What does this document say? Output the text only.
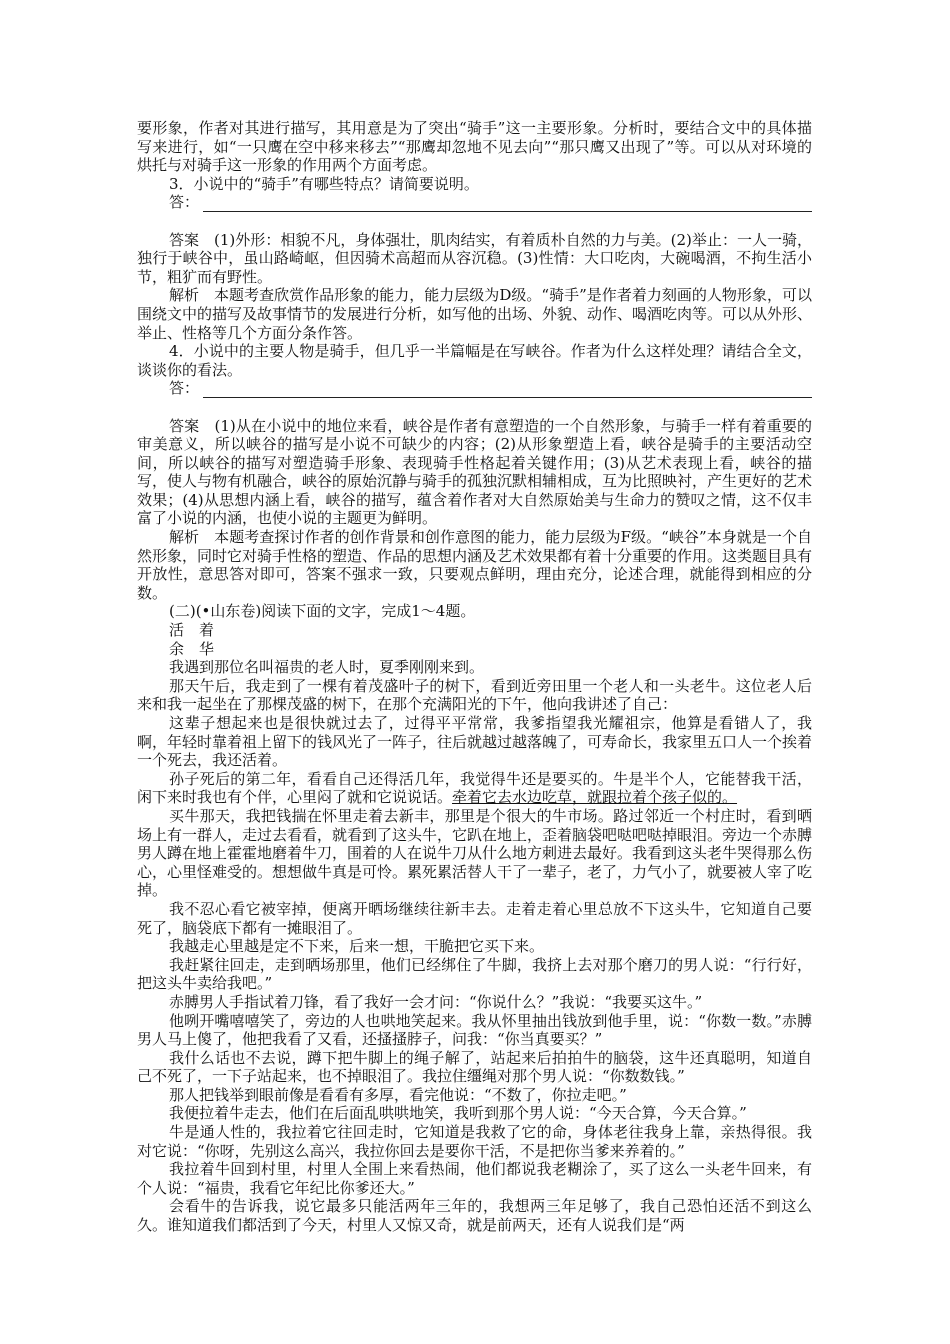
要形象，作者对其进行描写，其用意是为了突出“骑手”这一主要形象。分析时，要结合文中的具体描写来进行，如“一只鹰在空中移来移去”“那鹰却忽地不见去向”“那只鹰又出现了”等。可以从对环境的烘托与对骑手这一形象的作用两个方面考虑。

3．小说中的“骑手”有哪些特点？请简要说明。

答：

答案　(1)外形：相貌不凡，身体强壮，肌肉结实，有着质朴自然的力与美。(2)举止：一人一骑，独行于峡谷中，虽山路崎岖，但因骑术高超而从容沉稳。(3)性情：大口吃肉，大碗喝酒，不拘生活小节，粗犷而有野性。

解析　本题考查欣赏作品形象的能力，能力层级为D级。“骑手”是作者着力刻画的人物形象，可以围绕文中的描写及故事情节的发展进行分析，如写他的出场、外貌、动作、喝酒吃肉等。可以从外形、举止、性格等几个方面分条作答。

4．小说中的主要人物是骑手，但几乎一半篇幅是在写峡谷。作者为什么这样处理？请结合全文，谈谈你的看法。

答：

答案　(1)从在小说中的地位来看，峡谷是作者有意塑造的一个自然形象，与骑手一样有着重要的审美意义，所以峡谷的描写是小说不可缺少的内容；(2)从形象塑造上看，峡谷是骑手的主要活动空间，所以峡谷的描写对塑造骑手形象、表现骑手性格起着关键作用；(3)从艺术表现上看，峡谷的描写，使人与物有机融合，峡谷的原始沉静与骑手的孤独沉默相辅相成，互为比照映衬，产生更好的艺术效果；(4)从思想内涵上看，峡谷的描写，蕴含着作者对大自然原始美与生命力的赞叹之情，这不仅丰富了小说的内涵，也使小说的主题更为鲜明。

解析　本题考查探讨作者的创作背景和创作意图的能力，能力层级为F级。“峡谷”本身就是一个自然形象，同时它对骑手性格的塑造、作品的思想内涵及艺术效果都有着十分重要的作用。这类题目具有开放性，意思答对即可，答案不强求一致，只要观点鲜明，理由充分，论述合理，就能得到相应的分数。

(二)(•山东卷)阅读下面的文字，完成1～4题。

活　着

余　华

我遇到那位名叫福贵的老人时，夏季刚刚来到。

那天午后，我走到了一棵有着茂盛叶子的树下，看到近旁田里一个老人和一头老牛。这位老人后来和我一起坐在了那棵茂盛的树下，在那个充满阳光的下午，他向我讲述了自己：

这辈子想起来也是很快就过去了，过得平平常常，我爹指望我光耀祖宗，他算是看错人了，我啊，年轻时靠着祖上留下的钱风光了一阵子，往后就越过越落魄了，可寿命长，我家里五口人一个挨着一个死去，我还活着。

孙子死后的第二年，看看自己还得活几年，我觉得牛还是要买的。牛是半个人，它能替我干活，闲下来时我也有个伴，心里闷了就和它说说话。牵着它去水边吃草，就跟拉着个孩子似的。

买牛那天，我把钱揣在怀里走着去新丰，那里是个很大的牛市场。路过邻近一个村庄时，看到晒场上有一群人，走过去看看，就看到了这头牛，它趴在地上，歪着脑袋吧哒吧哒掉眼泪。旁边一个赤膊男人蹲在地上霍霍地磨着牛刀，围着的人在说牛刀从什么地方刺进去最好。我看到这头老牛哭得那么伤心，心里怪难受的。想想做牛真是可怜。累死累活替人干了一辈子，老了，力气小了，就要被人宰了吃掉。

我不忍心看它被宰掉，便离开晒场继续往新丰去。走着走着心里总放不下这头牛，它知道自己要死了，脑袋底下都有一摊眼泪了。

我越走心里越是定不下来，后来一想，干脆把它买下来。

我赶紧往回走，走到晒场那里，他们已经绑住了牛脚，我挤上去对那个磨刀的男人说：“行行好，把这头牛卖给我吧。”

赤膊男人手指试着刀锋，看了我好一会才问：“你说什么？”我说：“我要买这牛。”

他咧开嘴嘻嘻笑了，旁边的人也哄地笑起来。我从怀里抽出钱放到他手里，说：“你数一数。”赤膊男人马上傻了，他把我看了又看，还搔搔脖子，问我：“你当真要买？”

我什么话也不去说，蹲下把牛脚上的绳子解了，站起来后拍拍牛的脑袋，这牛还真聪明，知道自己不死了，一下子站起来，也不掉眼泪了。我拉住缰绳对那个男人说：“你数数钱。”

那人把钱举到眼前像是看看有多厚，看完他说：“不数了，你拉走吧。”

我便拉着牛走去，他们在后面乱哄哄地笑，我听到那个男人说：“今天合算，今天合算。”

牛是通人性的，我拉着它往回走时，它知道是我救了它的命，身体老往我身上靠，亲热得很。我对它说：“你呀，先别这么高兴，我拉你回去是要你干活，不是把你当爹来养着的。”

我拉着牛回到村里，村里人全围上来看热闹，他们都说我老糊涂了，买了这么一头老牛回来，有个人说：“福贵，我看它年纪比你爹还大。”

会看牛的告诉我，说它最多只能活两年三年的，我想两三年足够了，我自己恐怕还活不到这么久。谁知道我们都活到了今天，村里人又惊又奇，就是前两天，还有人说我们是“两
